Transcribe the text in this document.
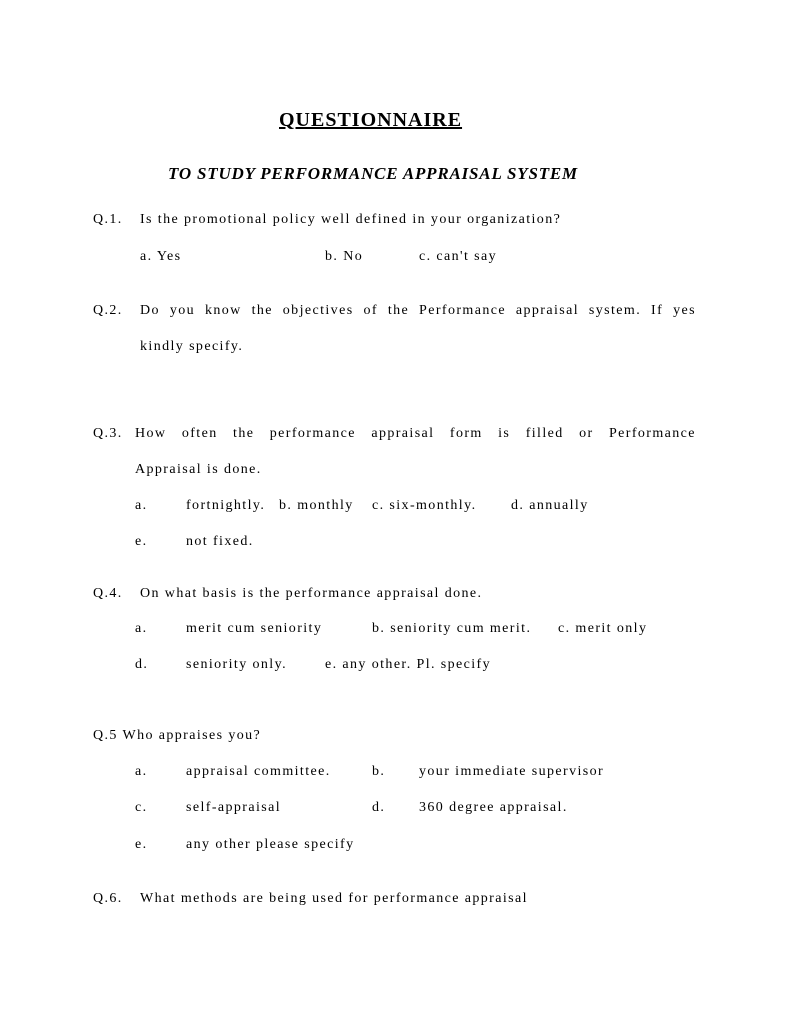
QUESTIONNAIRE
TO STUDY PERFORMANCE APPRAISAL SYSTEM
Q.1. Is the promotional policy well defined in your organization?
a. Yes	b. No	c. can't say
Q.2. Do you know the objectives of the Performance appraisal system. If yes
kindly specify.
Q.3. How often the performance appraisal form is filled or Performance
Appraisal is done.
a.	fortnightly. b. monthly c. six-monthly. d. annually
e.	not fixed.
Q.4. On what basis is the performance appraisal done.
a.	merit cum seniority	b. seniority cum merit. c. merit only
d.	seniority only.	e. any other. Pl. specify
Q.5 Who appraises you?
a.	appraisal committee.	b. your immediate supervisor
c.	self-appraisal	d. 360 degree appraisal.
e.	any other please specify
Q.6. What methods are being used for performance appraisal
